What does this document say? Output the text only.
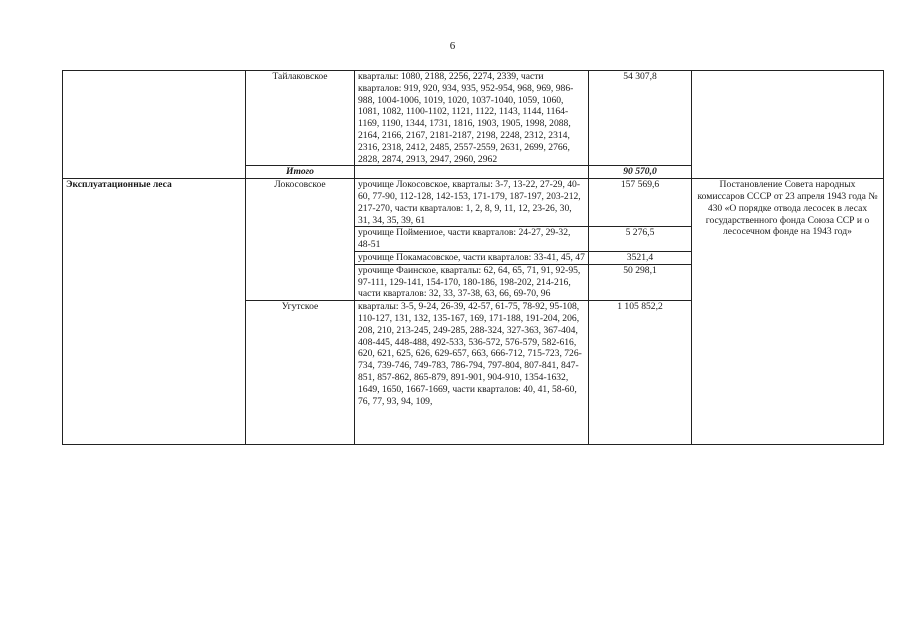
6
	Тайлаковское	кварталы: 1080, 2188, 2256, 2274, 2339, части кварталов: 919, 920, 934, 935, 952-954, 968, 969, 986-988, 1004-1006, 1019, 1020, 1037-1040, 1059, 1060, 1081, 1082, 1100-1102, 1121, 1122, 1143, 1144, 1164-1169, 1190, 1344, 1731, 1816, 1903, 1905, 1998, 2088, 2164, 2166, 2167, 2181-2187, 2198, 2248, 2312, 2314, 2316, 2318, 2412, 2485, 2557-2559, 2631, 2699, 2766, 2828, 2874, 2913, 2947, 2960, 2962	54 307,8	
	Итого		90 570,0	
Эксплуатационные леса	Локосовское	урочище Локосовское, кварталы: 3-7, 13-22, 27-29, 40-60, 77-90, 112-128, 142-153, 171-179, 187-197, 203-212, 217-270, части кварталов: 1, 2, 8, 9, 11, 12, 23-26, 30, 31, 34, 35, 39, 61	157 569,6	Постановление Совета народных комиссаров СССР от 23 апреля 1943 года № 430 «О порядке отвода лесосек в лесах государственного фонда Союза ССР и о лесосечном фонде на 1943 год»
		урочище Поймениое, части кварталов: 24-27, 29-32, 48-51	5 276,5	
		урочище Покамасовское, части кварталов: 33-41, 45, 47	3521,4	
		урочище Фаинское, кварталы: 62, 64, 65, 71, 91, 92-95, 97-111, 129-141, 154-170, 180-186, 198-202, 214-216, части кварталов: 32, 33, 37-38, 63, 66, 69-70, 96	50 298,1	
	Угутское	кварталы: 3-5, 9-24, 26-39, 42-57, 61-75, 78-92, 95-108, 110-127, 131, 132, 135-167, 169, 171-188, 191-204, 206, 208, 210, 213-245, 249-285, 288-324, 327-363, 367-404, 408-445, 448-488, 492-533, 536-572, 576-579, 582-616, 620, 621, 625, 626, 629-657, 663, 666-712, 715-723, 726-734, 739-746, 749-783, 786-794, 797-804, 807-841, 847-851, 857-862, 865-879, 891-901, 904-910, 1354-1632, 1649, 1650, 1667-1669, части кварталов: 40, 41, 58-60, 76, 77, 93, 94, 109,	1 105 852,2	
